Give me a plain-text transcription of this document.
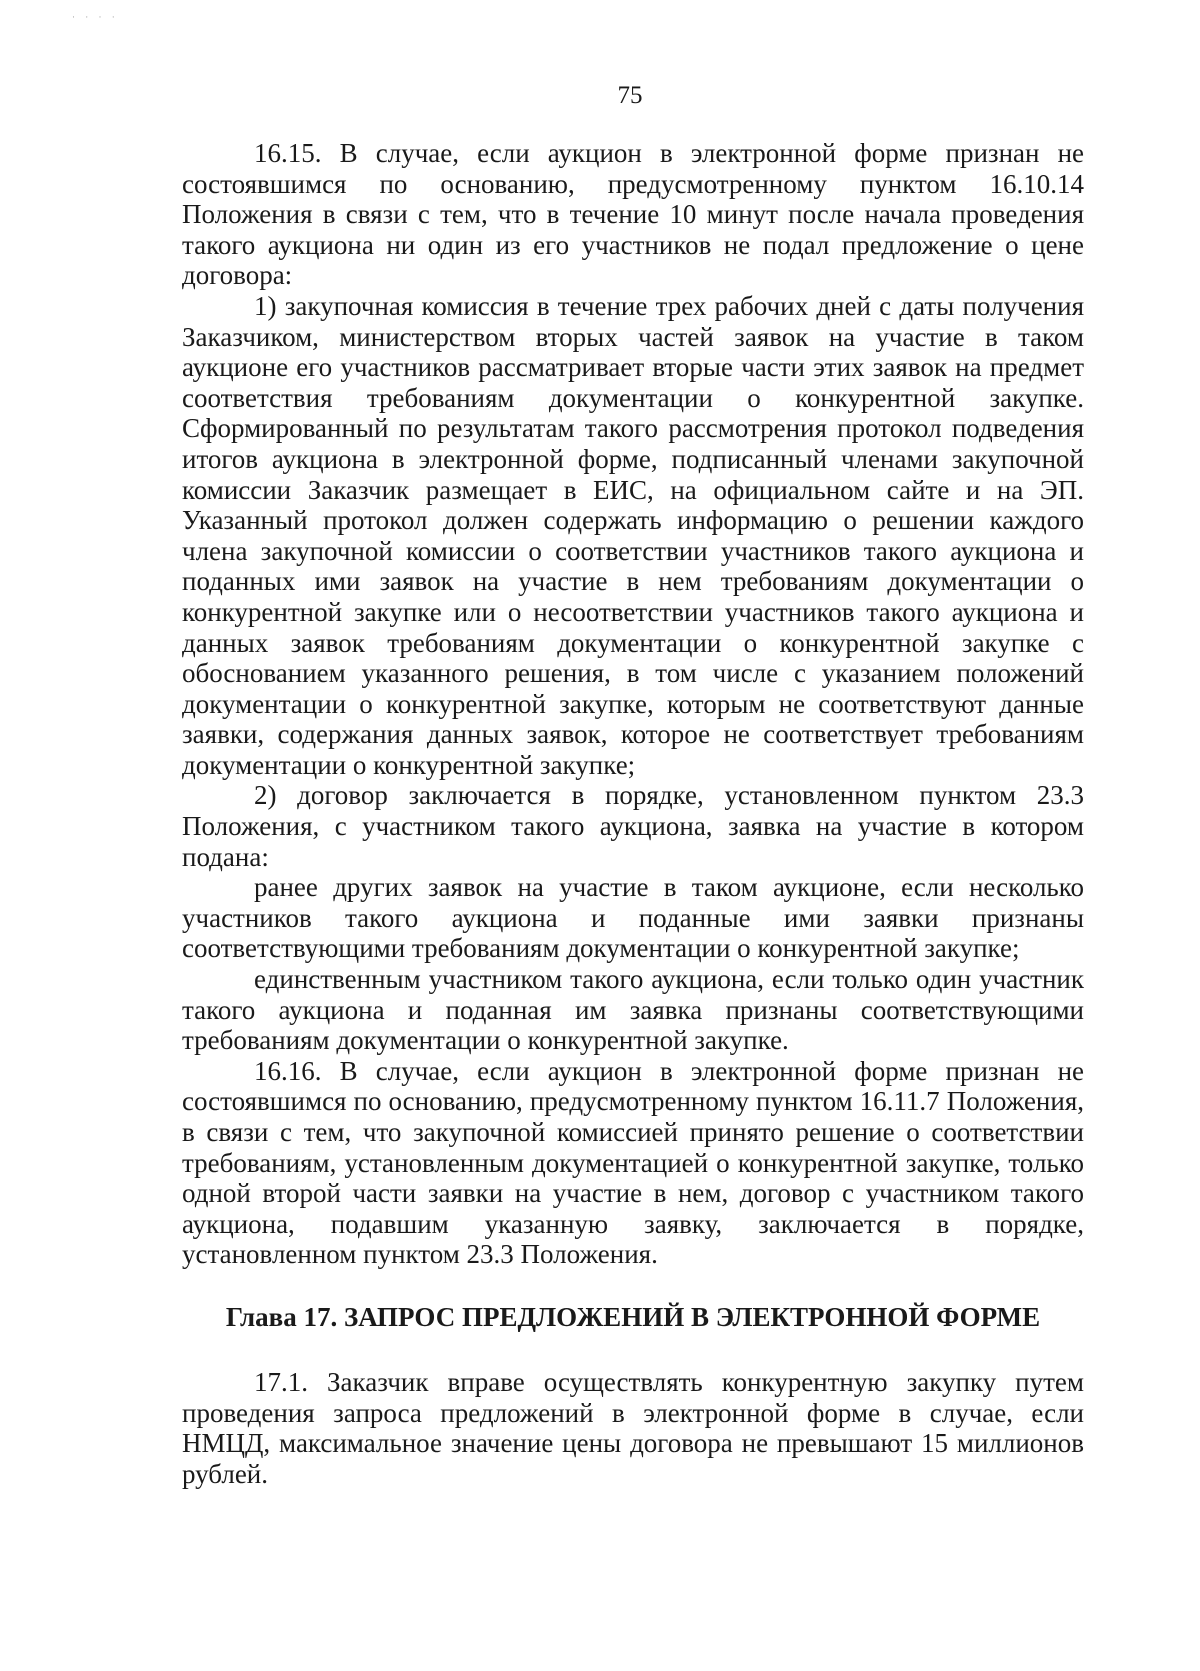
· · · ·
75

16.15. В случае, если аукцион в электронной форме признан не состоявшимся по основанию, предусмотренному пунктом 16.10.14 Положения в связи с тем, что в течение 10 минут после начала проведения такого аукциона ни один из его участников не подал предложение о цене договора:

1) закупочная комиссия в течение трех рабочих дней с даты получения Заказчиком, министерством вторых частей заявок на участие в таком аукционе его участников рассматривает вторые части этих заявок на предмет соответствия требованиям документации о конкурентной закупке. Сформированный по результатам такого рассмотрения протокол подведения итогов аукциона в электронной форме, подписанный членами закупочной комиссии Заказчик размещает в ЕИС, на официальном сайте и на ЭП. Указанный протокол должен содержать информацию о решении каждого члена закупочной комиссии о соответствии участников такого аукциона и поданных ими заявок на участие в нем требованиям документации о конкурентной закупке или о несоответствии участников такого аукциона и данных заявок требованиям документации о конкурентной закупке с обоснованием указанного решения, в том числе с указанием положений документации о конкурентной закупке, которым не соответствуют данные заявки, содержания данных заявок, которое не соответствует требованиям документации о конкурентной закупке;

2) договор заключается в порядке, установленном пунктом 23.3 Положения, с участником такого аукциона, заявка на участие в котором подана:

ранее других заявок на участие в таком аукционе, если несколько участников такого аукциона и поданные ими заявки признаны соответствующими требованиям документации о конкурентной закупке;

единственным участником такого аукциона, если только один участник такого аукциона и поданная им заявка признаны соответствующими требованиям документации о конкурентной закупке.

16.16. В случае, если аукцион в электронной форме признан не состоявшимся по основанию, предусмотренному пунктом 16.11.7 Положения, в связи с тем, что закупочной комиссией принято решение о соответствии требованиям, установленным документацией о конкурентной закупке, только одной второй части заявки на участие в нем, договор с участником такого аукциона, подавшим указанную заявку, заключается в порядке, установленном пунктом 23.3 Положения.

Глава 17. ЗАПРОС ПРЕДЛОЖЕНИЙ В ЭЛЕКТРОННОЙ ФОРМЕ

17.1. Заказчик вправе осуществлять конкурентную закупку путем проведения запроса предложений в электронной форме в случае, если НМЦД, максимальное значение цены договора не превышают 15 миллионов рублей.
